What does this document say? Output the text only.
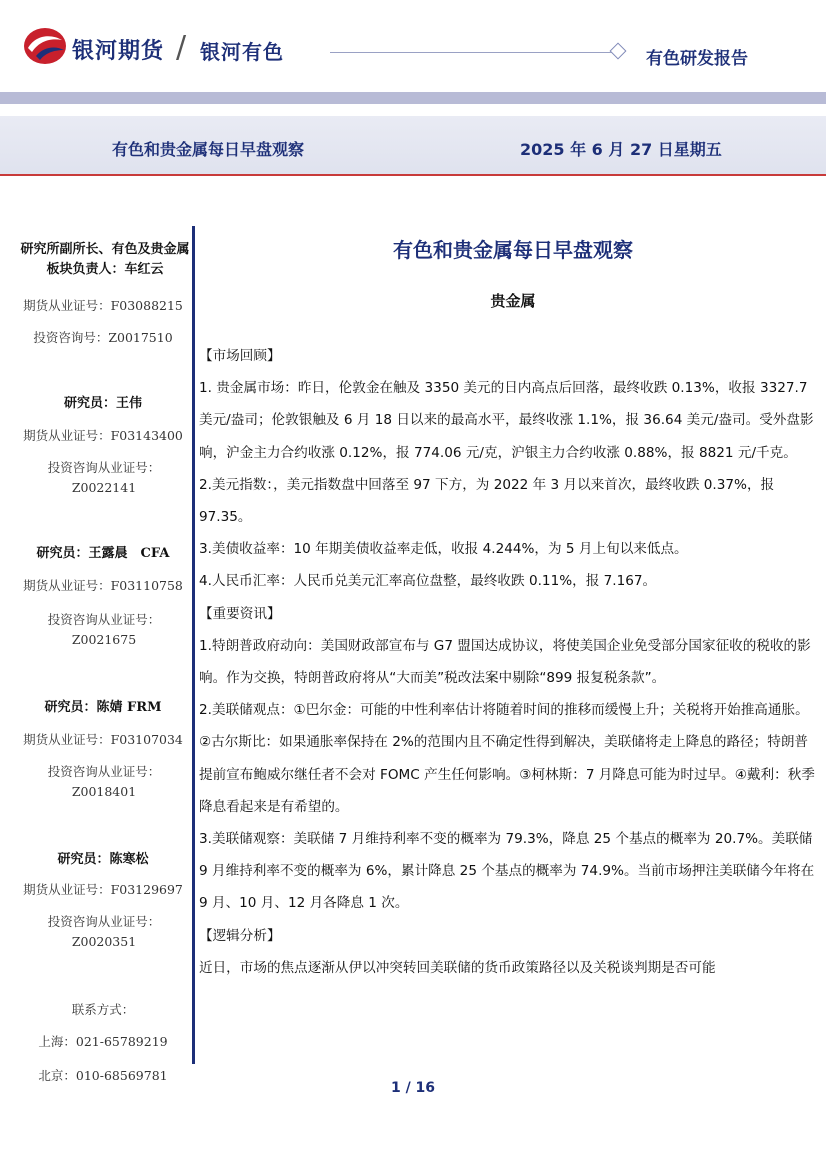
银河期货 / 银河有色	有色研发报告
有色和贵金属每日早盘观察	2025 年 6 月 27 日星期五
研究所副所长、有色及贵金属板块负责人：车红云
期货从业证号：F03088215
投资咨询号：Z0017510
研究员：王伟
期货从业证号：F03143400
投资咨询从业证号：Z0022141
研究员：王露晨　CFA
期货从业证号：F03110758
投资咨询从业证号：Z0021675
研究员：陈婧 FRM
期货从业证号：F03107034
投资咨询从业证号：Z0018401
研究员：陈寒松
期货从业证号：F03129697
投资咨询从业证号：Z0020351
联系方式：
上海：021-65789219
北京：010-68569781
有色和贵金属每日早盘观察
贵金属

【市场回顾】

1. 贵金属市场：昨日，伦敦金在触及 3350 美元的日内高点后回落，最终收跌 0.13%，收报 3327.7 美元/盎司；伦敦银触及 6 月 18 日以来的最高水平，最终收涨 1.1%，报 36.64 美元/盎司。受外盘影响，沪金主力合约收涨 0.12%，报 774.06 元/克，沪银主力合约收涨 0.88%，报 8821 元/千克。

2.美元指数：，美元指数盘中回落至 97 下方，为 2022 年 3 月以来首次，最终收跌 0.37%，报 97.35。

3.美债收益率：10 年期美债收益率走低，收报 4.244%，为 5 月上旬以来低点。

4.人民币汇率：人民币兑美元汇率高位盘整，最终收跌 0.11%，报 7.167。

【重要资讯】

1.特朗普政府动向：美国财政部宣布与 G7 盟国达成协议，将使美国企业免受部分国家征收的税收的影响。作为交换，特朗普政府将从“大而美”税改法案中剔除“899 报复税条款”。

2.美联储观点：①巴尔金：可能的中性利率估计将随着时间的推移而缓慢上升；关税将开始推高通胀。②古尔斯比：如果通胀率保持在 2%的范围内且不确定性得到解决，美联储将走上降息的路径；特朗普提前宣布鲍威尔继任者不会对 FOMC 产生任何影响。③柯林斯：7 月降息可能为时过早。④戴利：秋季降息看起来是有希望的。

3.美联储观察：美联储 7 月维持利率不变的概率为 79.3%，降息 25 个基点的概率为 20.7%。美联储 9 月维持利率不变的概率为 6%，累计降息 25 个基点的概率为 74.9%。当前市场押注美联储今年将在 9 月、10 月、12 月各降息 1 次。

【逻辑分析】

近日，市场的焦点逐渐从伊以冲突转回美联储的货币政策路径以及关税谈判期是否可能

1 / 16
